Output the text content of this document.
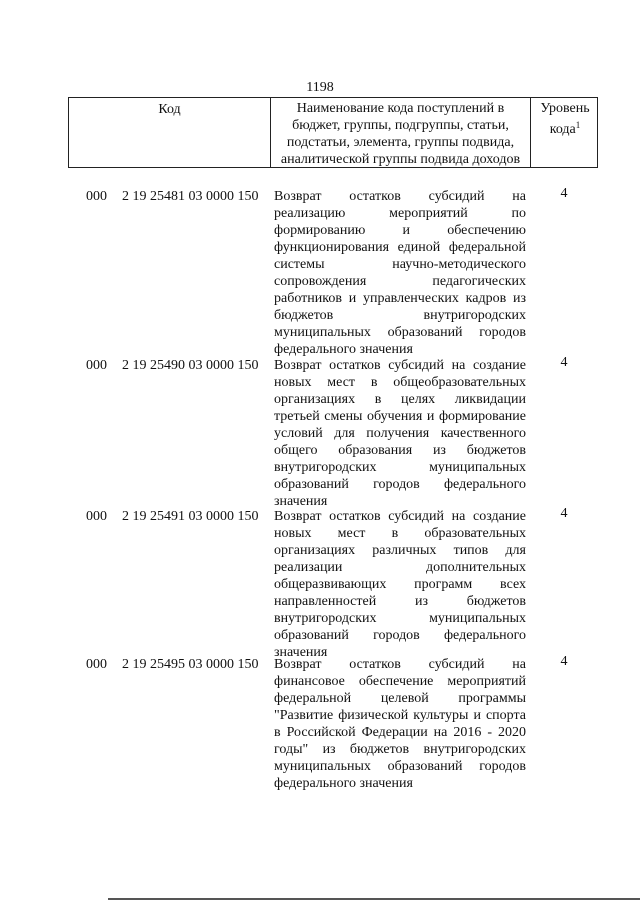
1198
Код	Наименование кода поступлений в бюджет, группы, подгруппы, статьи, подстатьи, элемента, группы подвида, аналитической группы подвида доходов
Уровень кода$^1$
000 2 19 25481 03 0000 150 Возврат остатков субсидий на реализацию мероприятий по формированию и обеспечению функционирования единой федеральной системы научно-методического сопровождения педагогических работников и управленческих кадров из бюджетов внутригородских муниципальных образований городов федерального значения
4
000 2 19 25490 03 0000 150 Возврат остатков субсидий на создание новых мест в общеобразовательных организациях в целях ликвидации третьей смены обучения и формирование условий для получения качественного общего образования из бюджетов внутригородских муниципальных образований городов федерального значения
4
000 2 19 25491 03 0000 150 Возврат остатков субсидий на создание новых мест в образовательных организациях различных типов для реализации дополнительных общеразвивающих программ всех направленностей из бюджетов внутригородских муниципальных образований городов федерального значения
4
000 2 19 25495 03 0000 150 Возврат остатков субсидий на финансовое обеспечение мероприятий федеральной целевой программы "Развитие физической культуры и спорта в Российской Федерации на 2016 - 2020 годы" из бюджетов внутригородских муниципальных образований городов федерального значения
4
